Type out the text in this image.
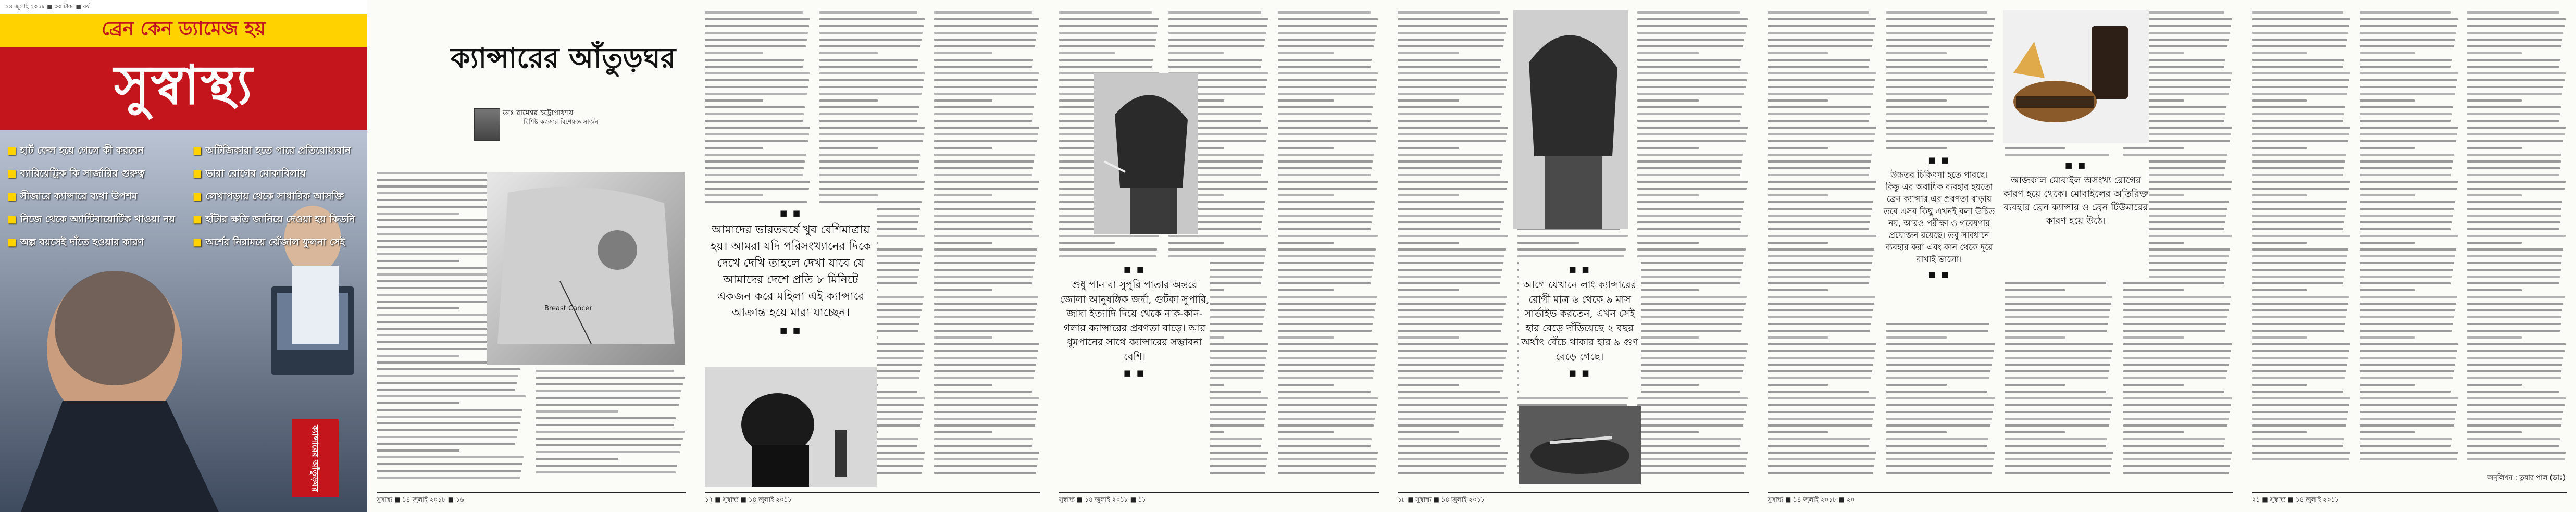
১৪ জুলাই ২০১৮ ■ ৩০ টাকা ■ বর্ষ
ব্রেন কেন ড্যামেজ হয়
সুস্বাস্থ্য
■ হার্ট ফেল হয়ে গেলে কী করবেন
■ ব্যারিয়েট্রিক কি সার্জারির গুরুত্ব
■ সীজারে ক্যান্সারে ব্যথা উপশম
■ নিজে থেকে অ্যান্টিবায়োটিক খাওয়া নয়
■ অল্প বয়সেই দাঁতে হওয়ার কারণ
■ অটিজিকারা হতে পারে প্রতিরোধ্যবান
■ ভারা রোগের মোকাবিলায়
■ লেখাপড়ায় থেকে সাধারিক আসক্তি
■ হাঁটার ক্ষতি জানিয়ে দেওয়া হয় কিডনি
■ অর্শের নিরাময়ে ঝেঁজাল ফুলনা সেই
ক্যান্সারের আঁতুড়ঘর
ক্যান্সারের আঁতুড়ঘর
ডাঃ রামেশ্বর চট্টোপাধ্যায়
বিশিষ্ট ক্যান্সার বিশেষজ্ঞ সার্জন
Breast Cancer
সুস্বাস্থ্য ■ ১৪ জুলাই ২০১৮ ■ ১৬
■ ■
আমাদের ভারতবর্ষে খুব বেশিমাত্রায় হয়। আমরা যদি পরিসংখ্যানের দিকে দেখে দেখি তাহলে দেখা যাবে যে আমাদের দেশে প্রতি ৮ মিনিটে একজন করে মহিলা এই ক্যান্সারে আক্রান্ত হয়ে মারা যাচ্ছেন।
■ ■
১৭ ■ সুস্বাস্থ্য ■ ১৪ জুলাই ২০১৮
■ ■
শুধু পান বা সুপুরি পাতার অন্তরে জোলা আনুষঙ্গিক জর্দা, গুটকা সুপারি, জাদা ইত্যাদি দিয়ে থেকে নাক-কান-গলার ক্যান্সারের প্রবণতা বাড়ে। আর ধূমপানের সাথে ক্যান্সারের সম্ভাবনা বেশি।
■ ■
সুস্বাস্থ্য ■ ১৪ জুলাই ২০১৮ ■ ১৮
■ ■
আগে যেখানে লাং ক্যান্সারের রোগী মাত্র ৬ থেকে ৯ মাস সার্ভাইভ করতেন, এখন সেই হার বেড়ে দাঁড়িয়েছে ২ বছর অর্থাৎ বেঁচে থাকার হার ৯ গুণ বেড়ে গেছে।
■ ■
১৮ ■ সুস্বাস্থ্য ■ ১৪ জুলাই ২০১৮
■ ■
আজকাল মোবাইল অসংখ্য রোগের কারণ হয়ে থেকে। মোবাইলের অতিরিক্ত ব্যবহার ব্রেন ক্যান্সার ও ব্রেন টিউমারের কারণ হয়ে উঠে।
■ ■
উচ্চতর চিকিৎসা হতে পারছে। কিন্তু এর অবাধিক ব্যবহার হয়তো ব্রেন ক্যান্সার এর প্রবণতা বাড়ায় তবে এসব কিছু এখনই বলা উচিত নয়, আরও পরীক্ষা ও গবেষণার প্রয়োজন রয়েছে। তবু সাবধানে ব্যবহার করা এবং কান থেকে দূরে রাখাই ভালো।
■ ■
সুস্বাস্থ্য ■ ১৪ জুলাই ২০১৮ ■ ২০
অনুলিখন : তুষার পাল (ডাঃ)
২১ ■ সুস্বাস্থ্য ■ ১৪ জুলাই ২০১৮
